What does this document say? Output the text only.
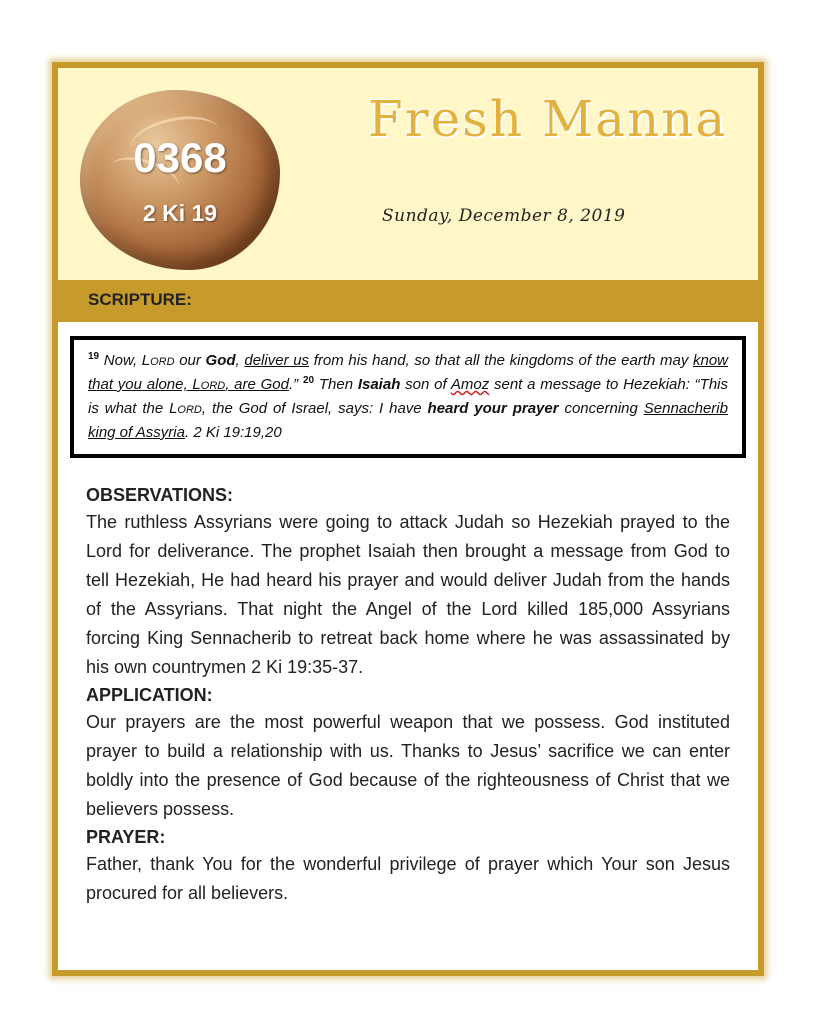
0368
2 Ki 19
Fresh Manna
Sunday, December 8, 2019
SCRIPTURE:
$^{19}$ Now, Lord our God, deliver us from his hand, so that all the kingdoms of the earth may know that you alone, Lord, are God.” $^{20}$ Then Isaiah son of Amoz sent a message to Hezekiah: “This is what the Lord, the God of Israel, says: I have heard your prayer concerning Sennacherib king of Assyria. 2 Ki 19:19,20
OBSERVATIONS:

The ruthless Assyrians were going to attack Judah so Hezekiah prayed to the Lord for deliverance. The prophet Isaiah then brought a message from God to tell Hezekiah, He had heard his prayer and would deliver Judah from the hands of the Assyrians. That night the Angel of the Lord killed 185,000 Assyrians forcing King Sennacherib to retreat back home where he was assassinated by his own countrymen 2 Ki 19:35-37.

APPLICATION:

Our prayers are the most powerful weapon that we possess. God instituted prayer to build a relationship with us. Thanks to Jesus’ sacrifice we can enter boldly into the presence of God because of the righteousness of Christ that we believers possess.

PRAYER:

Father, thank You for the wonderful privilege of prayer which Your son Jesus procured for all believers.
